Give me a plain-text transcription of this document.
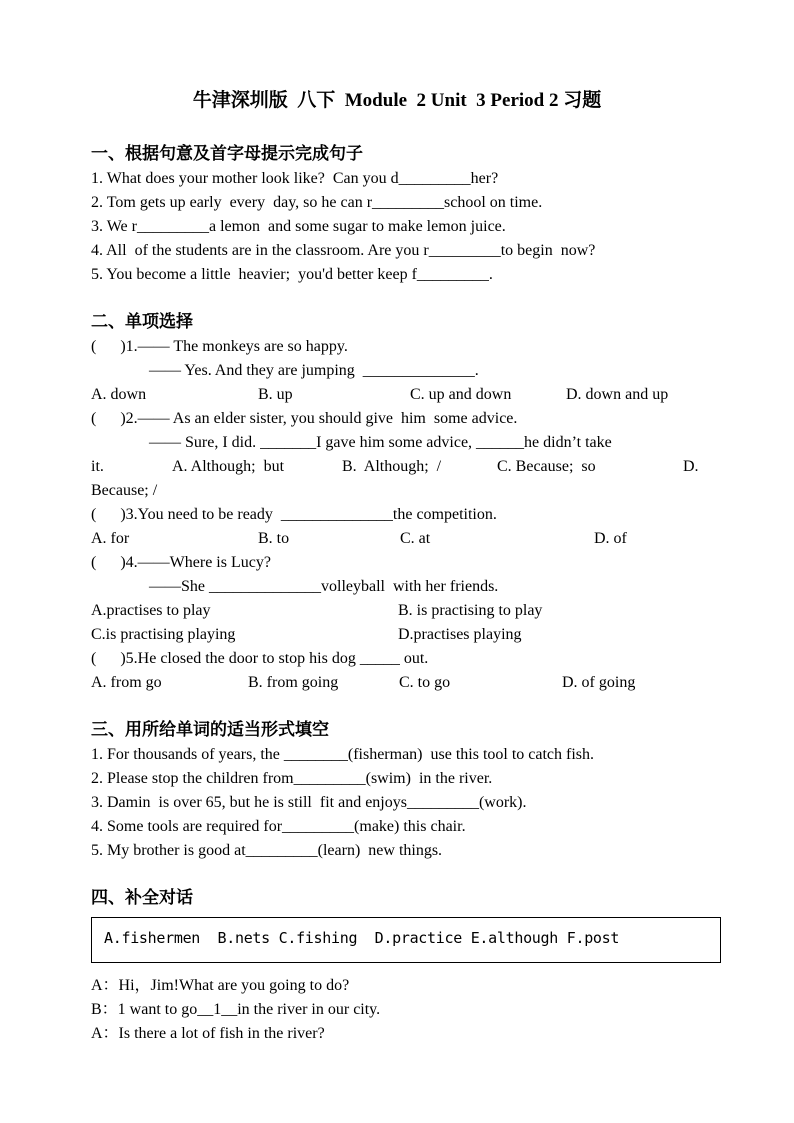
牛津深圳版  八下  Module  2 Unit  3 Period 2 习题
一、根据句意及首字母提示完成句子
1. What does your mother look like?  Can you d_________her?
2. Tom gets up early  every  day, so he can r_________school on time.
3. We r_________a lemon  and some sugar to make lemon juice.
4. All  of the students are in the classroom. Are you r_________to begin  now?
5. You become a little  heavier;  you'd better keep f_________.
二、单项选择
(      )1.—— The monkeys are so happy.
—— Yes. And they are jumping  ______________.
A. down	B. up	C. up and down	D. down and up
(      )2.—— As an elder sister, you should give  him  some advice.
—— Sure, I did. _______I gave him some advice, ______he didn’t take
it.	A. Although;  but	B.  Although;  /	C. Because;  so	D.
Because; /
(      )3.You need to be ready  ______________the competition.
A. for	B. to	C. at	D. of
(      )4.——Where is Lucy?
——She ______________volleyball  with her friends.
A.practises to play	B. is practising to play
C.is practising playing	D.practises playing
(      )5.He closed the door to stop his dog _____ out.
A. from go	B. from going	C. to go	D. of going
三、用所给单词的适当形式填空
1. For thousands of years, the ________(fisherman)  use this tool to catch fish.
2. Please stop the children from_________(swim)  in the river.
3. Damin  is over 65, but he is still  fit and enjoys_________(work).
4. Some tools are required for_________(make) this chair.
5. My brother is good at_________(learn)  new things.
四、补全对话
A.fishermen  B.nets C.fishing  D.practice E.although F.post
A：Hi，Jim!What are you going to do?
B：1 want to go__1__in the river in our city.
A：Is there a lot of fish in the river?
